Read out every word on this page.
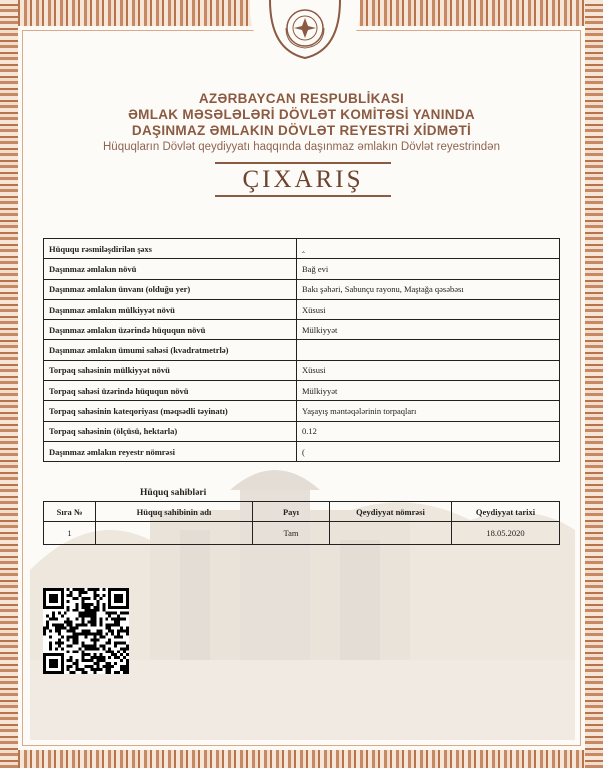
AZƏRBAYCAN RESPUBLİKASI
ƏMLAK MƏSƏLƏLƏRİ DÖVLƏT KOMİTƏSİ YANINDA
DAŞINMAZ ƏMLAKIN DÖVLƏT REYESTRİ XİDMƏTİ
Hüquqların Dövlət qeydiyyatı haqqında daşınmaz əmlakın Dövlət reyestrindən
ÇIXARIŞ
Hüququ rəsmiləşdirilən şəxs	‸
Daşınmaz əmlakın növü	Bağ evi
Daşınmaz əmlakın ünvanı (olduğu yer)	Bakı şəhəri, Sabunçu rayonu, Maştağa qəsəbəsı
Daşınmaz əmlakın mülkiyyət növü	Xüsusi
Daşınmaz əmlakın üzərində hüququn növü	Mülkiyyət
Daşınmaz əmlakın ümumi sahəsi (kvadratmetrlə)	
Torpaq sahəsinin mülkiyyət növü	Xüsusi
Torpaq sahəsi üzərində hüququn növü	Mülkiyyət
Torpaq sahəsinin kateqoriyası (məqsədli təyinatı)	Yaşayış məntəqələrinin torpaqları
Torpaq sahəsinin (ölçüsü, hektarla)	0.12
Daşınmaz əmlakın reyestr nömrəsi	(
Hüquq sahibləri
Sıra №	Hüquq sahibinin adı	Payı	Qeydiyyat nömrəsi	Qeydiyyat tarixi
1		Tam		18.05.2020
